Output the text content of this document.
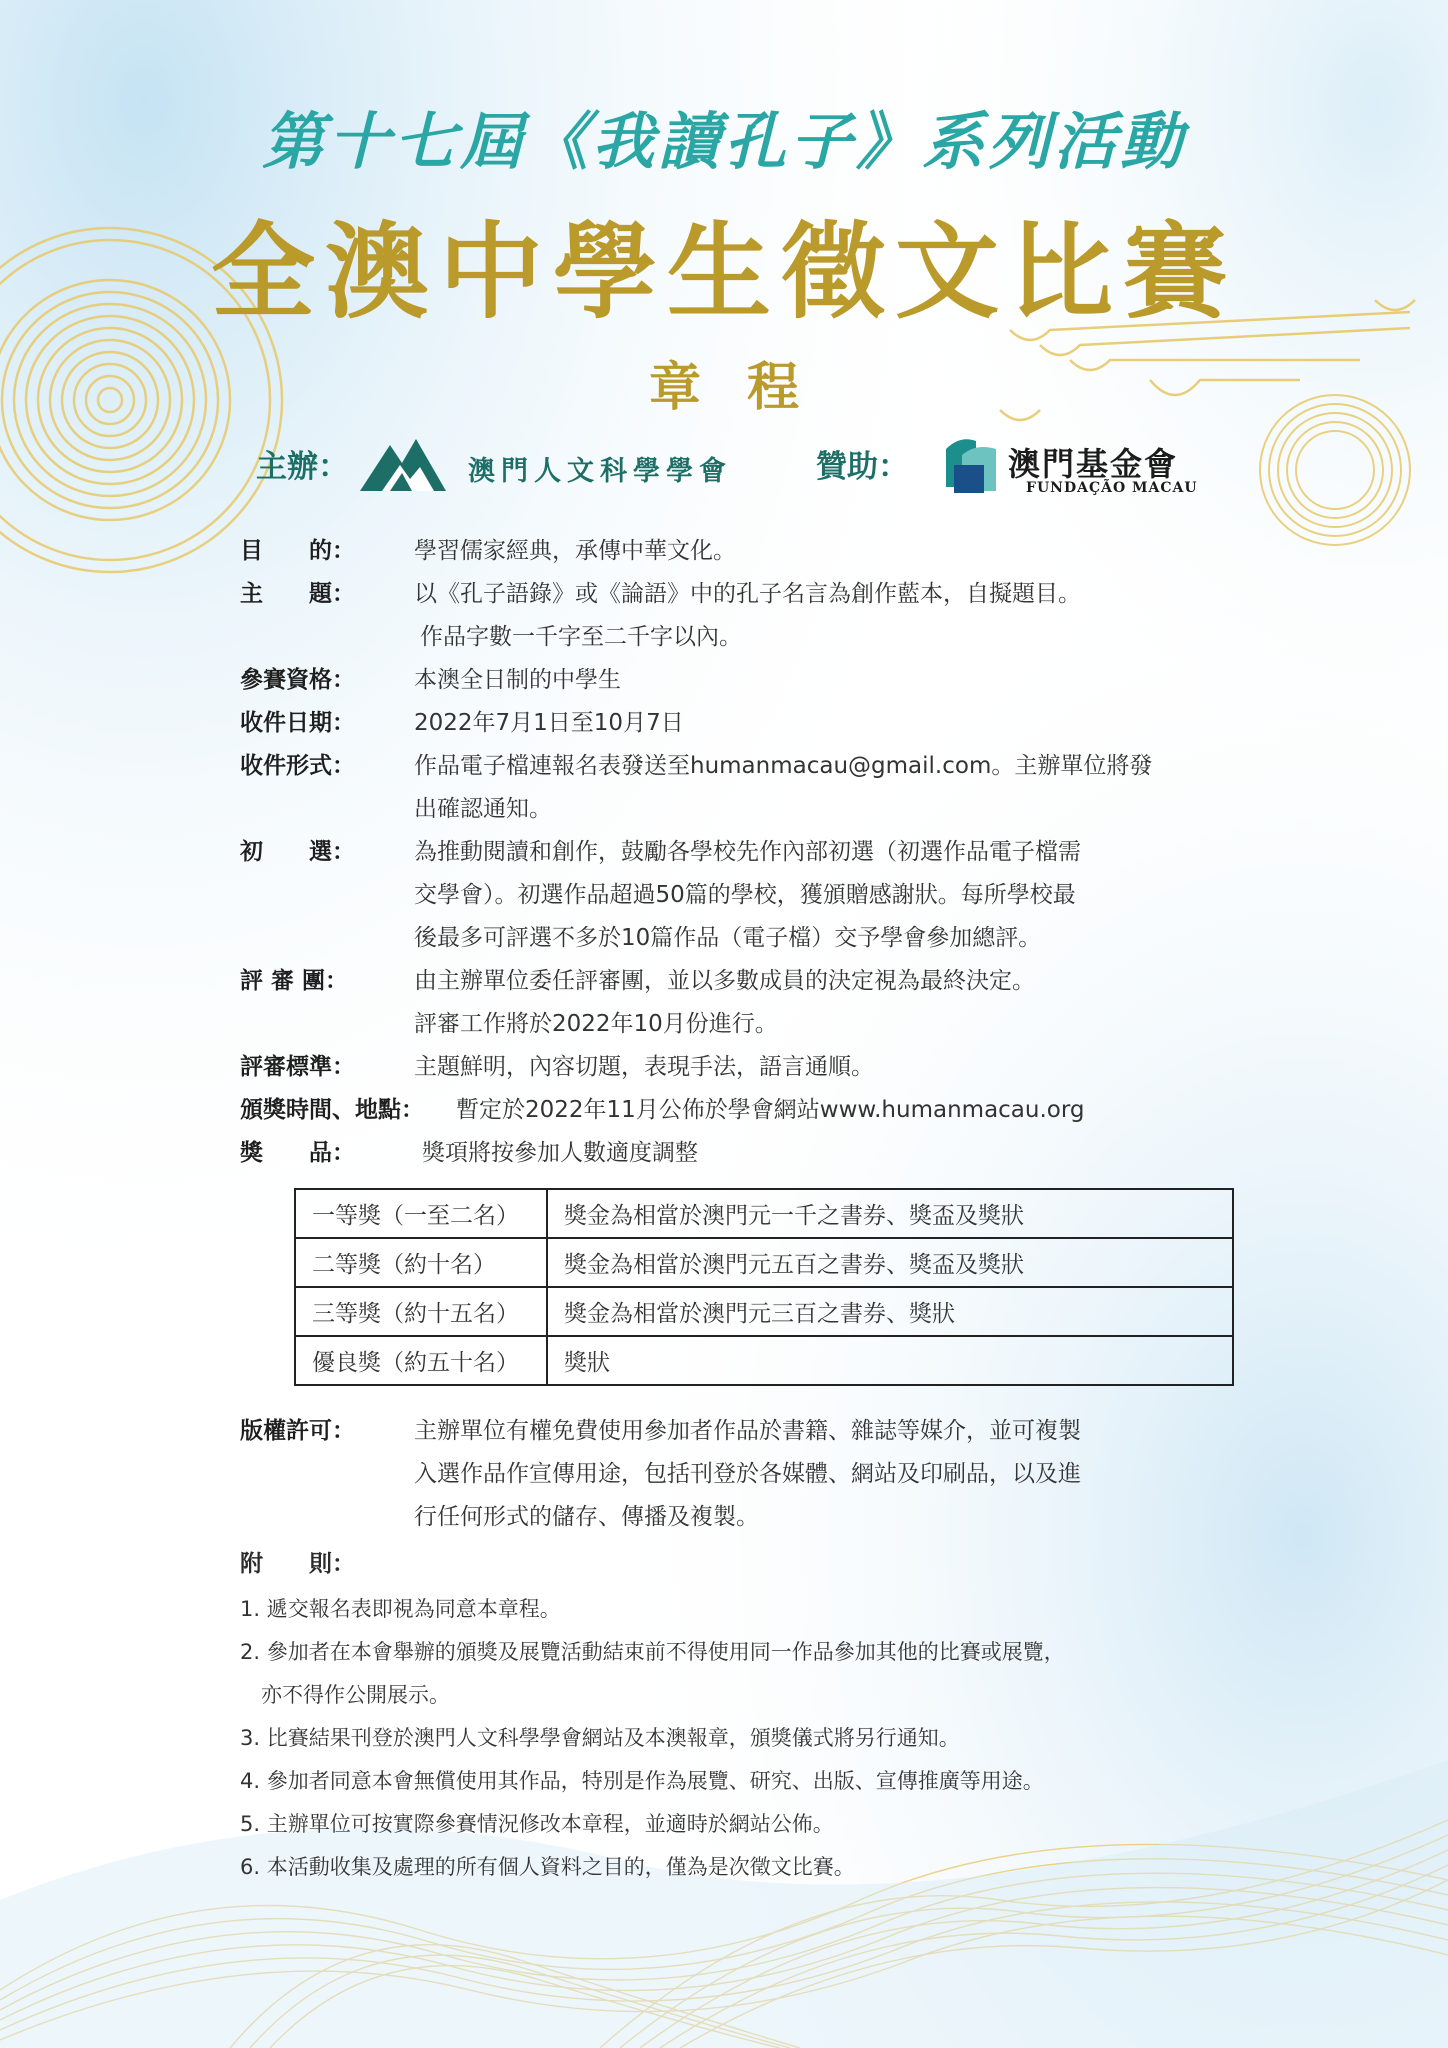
第十七屆《我讀孔子》系列活動
全澳中學生徵文比賽
章程
主辦：	澳門人文科學學會	贊助：	澳門基金會
FUNDAÇÃO MACAU
目　　的：	學習儒家經典，承傳中華文化。
主　　題：	以《孔子語錄》或《論語》中的孔子名言為創作藍本，自擬題目。
作品字數一千字至二千字以內。
參賽資格：	本澳全日制的中學生
收件日期：	2022年7月1日至10月7日
收件形式：	作品電子檔連報名表發送至humanmacau@gmail.com。主辦單位將發
出確認通知。
初　　選：	為推動閱讀和創作，鼓勵各學校先作內部初選（初選作品電子檔需
交學會）。初選作品超過50篇的學校，獲頒贈感謝狀。每所學校最
後最多可評選不多於10篇作品（電子檔）交予學會參加總評。
評 審 團：	由主辦單位委任評審團，並以多數成員的決定視為最終決定。
評審工作將於2022年10月份進行。
評審標準：	主題鮮明，內容切題，表現手法，語言通順。
頒獎時間、地點：	暫定於2022年11月公佈於學會網站www.humanmacau.org
獎　　品：	獎項將按參加人數適度調整
一等獎（一至二名）	獎金為相當於澳門元一千之書券、獎盃及獎狀
二等獎（約十名）	獎金為相當於澳門元五百之書券、獎盃及獎狀
三等獎（約十五名）	獎金為相當於澳門元三百之書券、獎狀
優良獎（約五十名）	獎狀
版權許可：	主辦單位有權免費使用參加者作品於書籍、雜誌等媒介，並可複製
入選作品作宣傳用途，包括刊登於各媒體、網站及印刷品，以及進
行任何形式的儲存、傳播及複製。
附　　則：
1. 遞交報名表即視為同意本章程。
2. 參加者在本會舉辦的頒獎及展覽活動結束前不得使用同一作品參加其他的比賽或展覽，
　亦不得作公開展示。
3. 比賽結果刊登於澳門人文科學學會網站及本澳報章，頒獎儀式將另行通知。
4. 參加者同意本會無償使用其作品，特別是作為展覽、研究、出版、宣傳推廣等用途。
5. 主辦單位可按實際參賽情況修改本章程，並適時於網站公佈。
6. 本活動收集及處理的所有個人資料之目的，僅為是次徵文比賽。
